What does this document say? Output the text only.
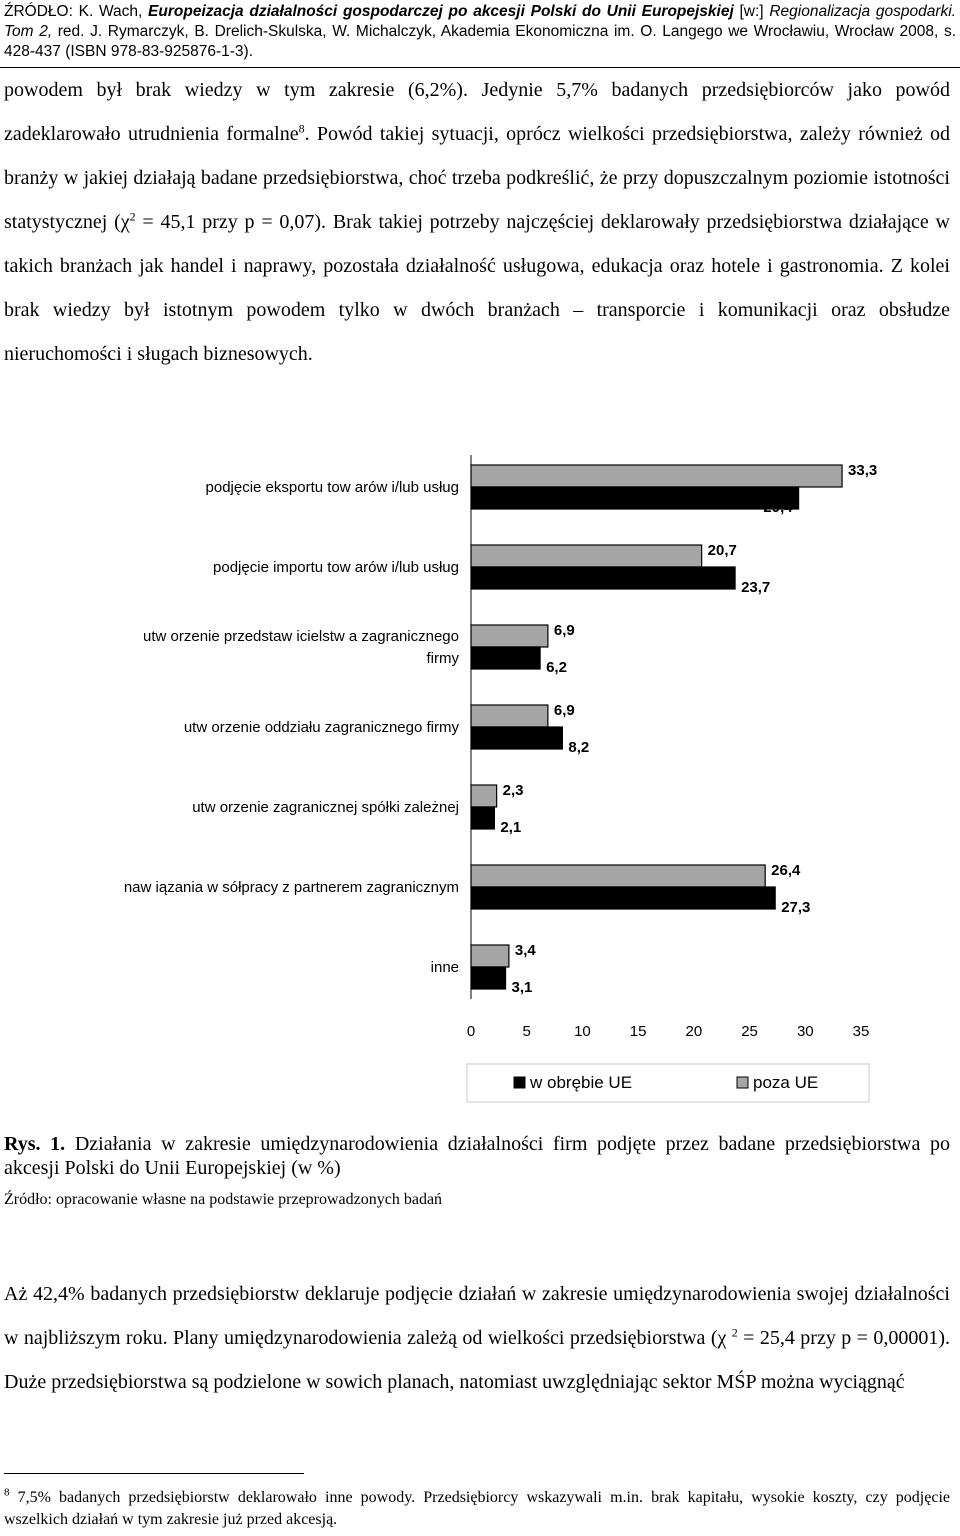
ŹRÓDŁO: K. Wach, Europeizacja działalności gospodarczej po akcesji Polski do Unii Europejskiej [w:] Regionalizacja gospodarki. Tom 2, red. J. Rymarczyk, B. Drelich-Skulska, W. Michalczyk, Akademia Ekonomiczna im. O. Langego we Wrocławiu, Wrocław 2008, s. 428-437 (ISBN 978-83-925876-1-3).
powodem był brak wiedzy w tym zakresie (6,2%). Jedynie 5,7% badanych przedsiębiorców jako powód zadeklarowało utrudnienia formalne$^8$. Powód takiej sytuacji, oprócz wielkości przedsiębiorstwa, zależy również od branży w jakiej działają badane przedsiębiorstwa, choć trzeba podkreślić, że przy dopuszczalnym poziomie istotności statystycznej ($\chi^2 = 45,1$ przy p = 0,07). Brak takiej potrzeby najczęściej deklarowały przedsiębiorstwa działające w takich branżach jak handel i naprawy, pozostała działalność usługowa, edukacja oraz hotele i gastronomia. Z kolei brak wiedzy był istotnym powodem tylko w dwóch branżach – transporcie i komunikacji oraz obsłudze nieruchomości i sługach biznesowych.
podjęcie eksportu tow arów i/lub usług
33,3
29,4
podjęcie importu tow arów i/lub usług
20,7
23,7
utw orzenie przedstaw icielstw a zagranicznego
firmy
6,9
6,2
utw orzenie oddziału zagranicznego firmy
6,9
8,2
utw orzenie zagranicznej spółki zależnej
2,3
2,1
naw iązania w sółpracy z partnerem zagranicznym
26,4
27,3
inne
3,4
3,1
0	5	10	15	20	25	30	35
w obrębie UE	poza UE
Rys. 1. Działania w zakresie umiędzynarodowienia działalności firm podjęte przez badane przedsiębiorstwa po akcesji Polski do Unii Europejskiej (w %)
Źródło: opracowanie własne na podstawie przeprowadzonych badań
Aż 42,4% badanych przedsiębiorstw deklaruje podjęcie działań w zakresie umiędzynarodowienia swojej działalności w najbliższym roku. Plany umiędzynarodowienia zależą od wielkości przedsiębiorstwa (χ $^2$ = 25,4 przy p = 0,00001). Duże przedsiębiorstwa są podzielone w sowich planach, natomiast uwzględniając sektor MŚP można wyciągnąć
$^8$ 7,5% badanych przedsiębiorstw deklarowało inne powody. Przedsiębiorcy wskazywali m.in. brak kapitału, wysokie koszty, czy podjęcie wszelkich działań w tym zakresie już przed akcesją.
